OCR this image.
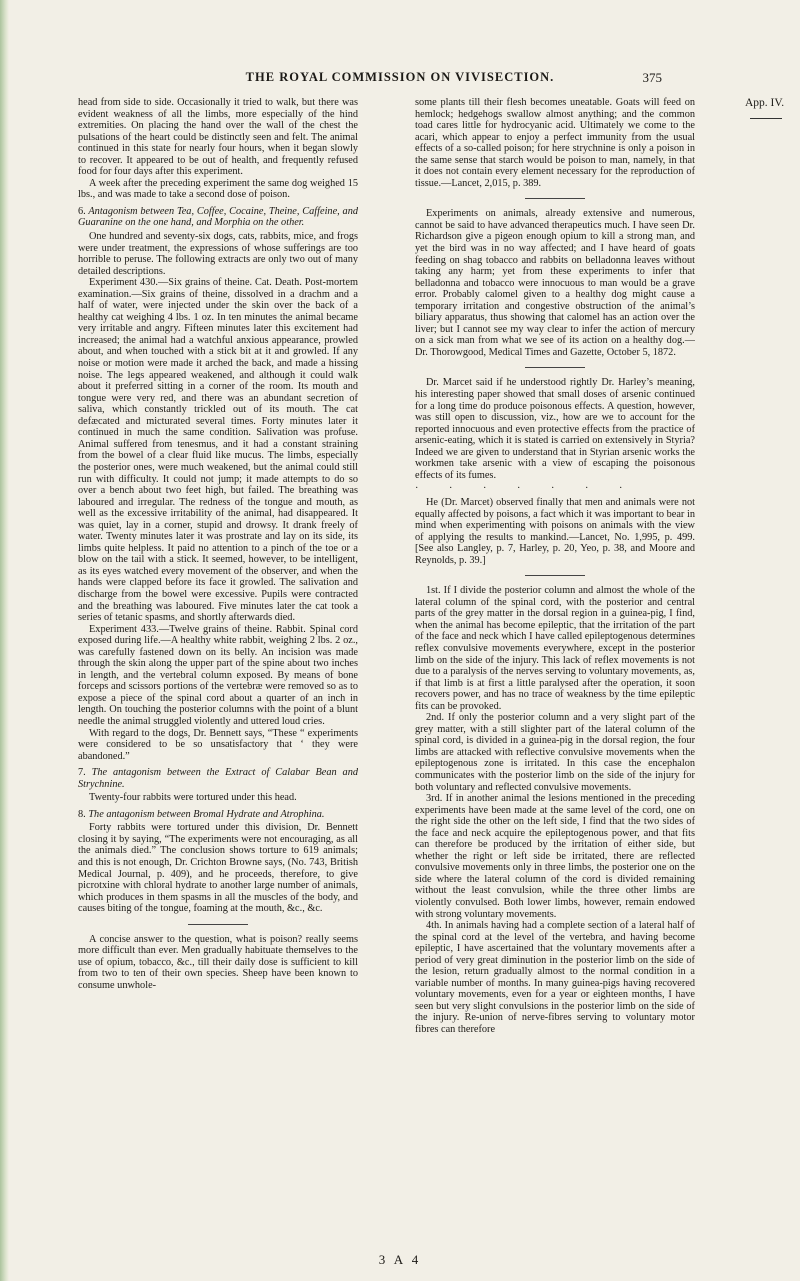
THE ROYAL COMMISSION ON VIVISECTION.	375
App. IV.

head from side to side. Occasionally it tried to walk, but there was evident weakness of all the limbs, more especially of the hind extremities. On placing the hand over the wall of the chest the pulsations of the heart could be distinctly seen and felt. The animal continued in this state for nearly four hours, when it began slowly to recover. It appeared to be out of health, and frequently refused food for four days after this experiment.

A week after the preceding experiment the same dog weighed 15 lbs., and was made to take a second dose of poison.

6. Antagonism between Tea, Coffee, Cocaine, Theine, Caffeine, and Guaranine on the one hand, and Morphia on the other.

One hundred and seventy-six dogs, cats, rabbits, mice, and frogs were under treatment, the expressions of whose sufferings are too horrible to peruse. The following extracts are only two out of many detailed descriptions.

Experiment 430.—Six grains of theine. Cat. Death. Post-mortem examination.—Six grains of theine, dissolved in a drachm and a half of water, were injected under the skin over the back of a healthy cat weighing 4 lbs. 1 oz. In ten minutes the animal became very irritable and angry. Fifteen minutes later this excitement had increased; the animal had a watchful anxious appearance, prowled about, and when touched with a stick bit at it and growled. If any noise or motion were made it arched the back, and made a hissing noise. The legs appeared weakened, and although it could walk about it preferred sitting in a corner of the room. Its mouth and tongue were very red, and there was an abundant secretion of saliva, which constantly trickled out of its mouth. The cat defæcated and micturated several times. Forty minutes later it continued in much the same condition. Salivation was profuse. Animal suffered from tenesmus, and it had a constant straining from the bowel of a clear fluid like mucus. The limbs, especially the posterior ones, were much weakened, but the animal could still run with difficulty. It could not jump; it made attempts to do so over a bench about two feet high, but failed. The breathing was laboured and irregular. The redness of the tongue and mouth, as well as the excessive irritability of the animal, had disappeared. It was quiet, lay in a corner, stupid and drowsy. It drank freely of water. Twenty minutes later it was prostrate and lay on its side, its limbs quite helpless. It paid no attention to a pinch of the toe or a blow on the tail with a stick. It seemed, however, to be intelligent, as its eyes watched every movement of the observer, and when the hands were clapped before its face it growled. The salivation and discharge from the bowel were excessive. Pupils were contracted and the breathing was laboured. Five minutes later the cat took a series of tetanic spasms, and shortly afterwards died.

Experiment 433.—Twelve grains of theine. Rabbit. Spinal cord exposed during life.—A healthy white rabbit, weighing 2 lbs. 2 oz., was carefully fastened down on its belly. An incision was made through the skin along the upper part of the spine about two inches in length, and the vertebral column exposed. By means of bone forceps and scissors portions of the vertebræ were removed so as to expose a piece of the spinal cord about a quarter of an inch in length. On touching the posterior columns with the point of a blunt needle the animal struggled violently and uttered loud cries.

With regard to the dogs, Dr. Bennett says, “These “ experiments were considered to be so unsatisfactory that ‘ they were abandoned.”

7. The antagonism between the Extract of Calabar Bean and Strychnine.

Twenty-four rabbits were tortured under this head.

8. The antagonism between Bromal Hydrate and Atrophina.

Forty rabbits were tortured under this division, Dr. Bennett closing it by saying, “The experiments were not encouraging, as all the animals died.” The conclusion shows torture to 619 animals; and this is not enough, Dr. Crichton Browne says, (No. 743, British Medical Journal, p. 409), and he proceeds, therefore, to give picrotxine with chloral hydrate to another large number of animals, which produces in them spasms in all the muscles of the body, and causes biting of the tongue, foaming at the mouth, &c., &c.

A concise answer to the question, what is poison? really seems more difficult than ever. Men gradually habituate themselves to the use of opium, tobacco, &c., till their daily dose is sufficient to kill from two to ten of their own species. Sheep have been known to consume unwhole-

some plants till their flesh becomes uneatable. Goats will feed on hemlock; hedgehogs swallow almost anything; and the common toad cares little for hydrocyanic acid. Ultimately we come to the acari, which appear to enjoy a perfect immunity from the usual effects of a so-called poison; for here strychnine is only a poison in the same sense that starch would be poison to man, namely, in that it does not contain every element necessary for the reproduction of tissue.—Lancet, 2,015, p. 389.

Experiments on animals, already extensive and numerous, cannot be said to have advanced therapeutics much. I have seen Dr. Richardson give a pigeon enough opium to kill a strong man, and yet the bird was in no way affected; and I have heard of goats feeding on shag tobacco and rabbits on belladonna leaves without taking any harm; yet from these experiments to infer that belladonna and tobacco were innocuous to man would be a grave error. Probably calomel given to a healthy dog might cause a temporary irritation and congestive obstruction of the animal’s biliary apparatus, thus showing that calomel has an action over the liver; but I cannot see my way clear to infer the action of mercury on a sick man from what we see of its action on a healthy dog.—Dr. Thorowgood, Medical Times and Gazette, October 5, 1872.

Dr. Marcet said if he understood rightly Dr. Harley’s meaning, his interesting paper showed that small doses of arsenic continued for a long time do produce poisonous effects. A question, however, was still open to discussion, viz., how are we to account for the reported innocuous and even protective effects from the practice of arsenic-eating, which it is stated is carried on extensively in Styria? Indeed we are given to understand that in Styrian arsenic works the workmen take arsenic with a view of escaping the poisonous effects of its fumes.

· · · · · · ·

He (Dr. Marcet) observed finally that men and animals were not equally affected by poisons, a fact which it was important to bear in mind when experimenting with poisons on animals with the view of applying the results to mankind.—Lancet, No. 1,995, p. 499. [See also Langley, p. 7, Harley, p. 20, Yeo, p. 38, and Moore and Reynolds, p. 39.]

1st. If I divide the posterior column and almost the whole of the lateral column of the spinal cord, with the posterior and central parts of the grey matter in the dorsal region in a guinea-pig, I find, when the animal has become epileptic, that the irritation of the part of the face and neck which I have called epileptogenous determines reflex convulsive movements everywhere, except in the posterior limb on the side of the injury. This lack of reflex movements is not due to a paralysis of the nerves serving to voluntary movements, as, if that limb is at first a little paralysed after the operation, it soon recovers power, and has no trace of weakness by the time epileptic fits can be provoked.

2nd. If only the posterior column and a very slight part of the grey matter, with a still slighter part of the lateral column of the spinal cord, is divided in a guinea-pig in the dorsal region, the four limbs are attacked with reflective convulsive movements when the epileptogenous zone is irritated. In this case the encephalon communicates with the posterior limb on the side of the injury for both voluntary and reflected convulsive movements.

3rd. If in another animal the lesions mentioned in the preceding experiments have been made at the same level of the cord, one on the right side the other on the left side, I find that the two sides of the face and neck acquire the epileptogenous power, and that fits can therefore be produced by the irritation of either side, but whether the right or left side be irritated, there are reflected convulsive movements only in three limbs, the posterior one on the side where the lateral column of the cord is divided remaining without the least convulsion, while the three other limbs are violently convulsed. Both lower limbs, however, remain endowed with strong voluntary movements.

4th. In animals having had a complete section of a lateral half of the spinal cord at the level of the vertebra, and having become epileptic, I have ascertained that the voluntary movements after a period of very great diminution in the posterior limb on the side of the lesion, return gradually almost to the normal condition in a variable number of months. In many guinea-pigs having recovered voluntary movements, even for a year or eighteen months, I have seen but very slight convulsions in the posterior limb on the side of the injury. Re-union of nerve-fibres serving to voluntary motor fibres can therefore

3 A 4
